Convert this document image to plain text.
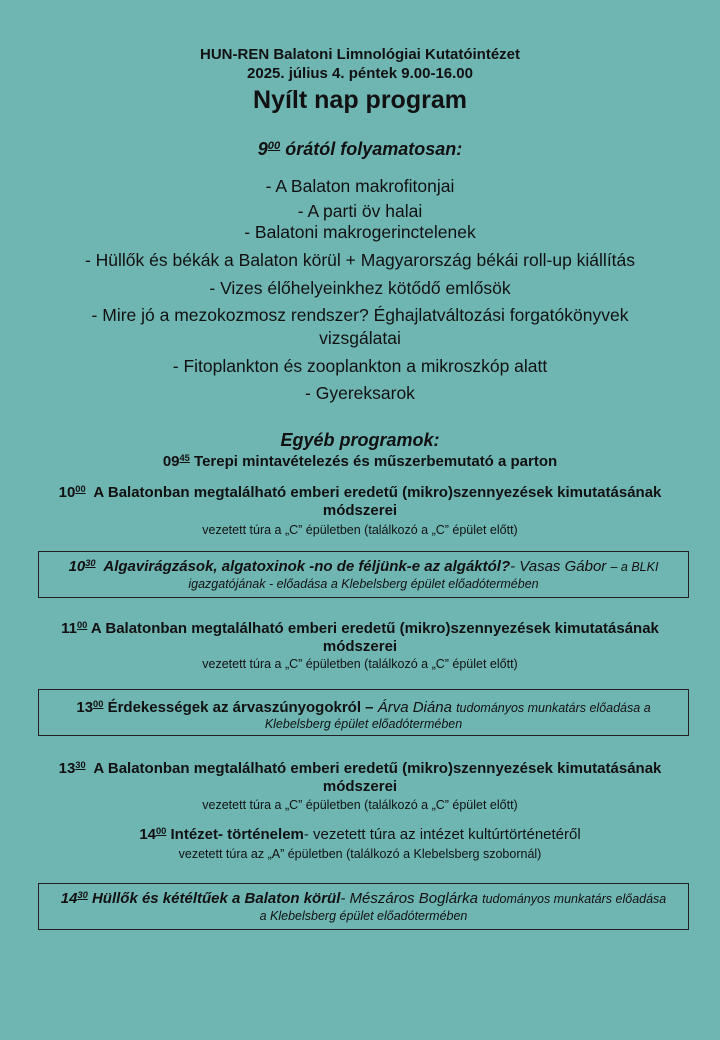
HUN-REN Balatoni Limnológiai Kutatóintézet
2025. július 4. péntek 9.00-16.00
Nyílt nap program
$9^{00}$ órától folyamatosan:
- A Balaton makrofitonjai
- A parti öv halai
- Balatoni makrogerinctelenek
- Hüllők és békák a Balaton körül + Magyarország békái roll-up kiállítás
- Vizes élőhelyeinkhez kötődő emlősök
- Mire jó a mezokozmosz rendszer? Éghajlatváltozási forgatókönyvek
vizsgálatai
- Fitoplankton és zooplankton a mikroszkóp alatt
- Gyereksarok
Egyéb programok:
$09^{45}$ Terepi mintavételezés és műszerbemutató a parton
$10^{00}$ A Balatonban megtalálható emberi eredetű (mikro)szennyezések kimutatásának
módszerei
vezetett túra a „C” épületben (találkozó a „C” épület előtt)
$10^{30}$ Algavirágzások, algatoxinok -no de féljünk-e az algáktól?- Vasas Gábor – a BLKI
igazgatójának - előadása a Klebelsberg épület előadótermében
$11^{00}$ A Balatonban megtalálható emberi eredetű (mikro)szennyezések kimutatásának
módszerei
vezetett túra a „C” épületben (találkozó a „C” épület előtt)
$13^{00}$ Érdekességek az árvaszúnyogokról – Árva Diána tudományos munkatárs előadása a
Klebelsberg épület előadótermében
$13^{30}$ A Balatonban megtalálható emberi eredetű (mikro)szennyezések kimutatásának
módszerei
vezetett túra a „C” épületben (találkozó a „C” épület előtt)
$14^{00}$ Intézet- történelem- vezetett túra az intézet kultúrtörténetéről
vezetett túra az „A” épületben (találkozó a Klebelsberg szobornál)
$14^{30}$ Hüllők és kétéltűek a Balaton körül- Mészáros Boglárka tudományos munkatárs előadása
a Klebelsberg épület előadótermében
